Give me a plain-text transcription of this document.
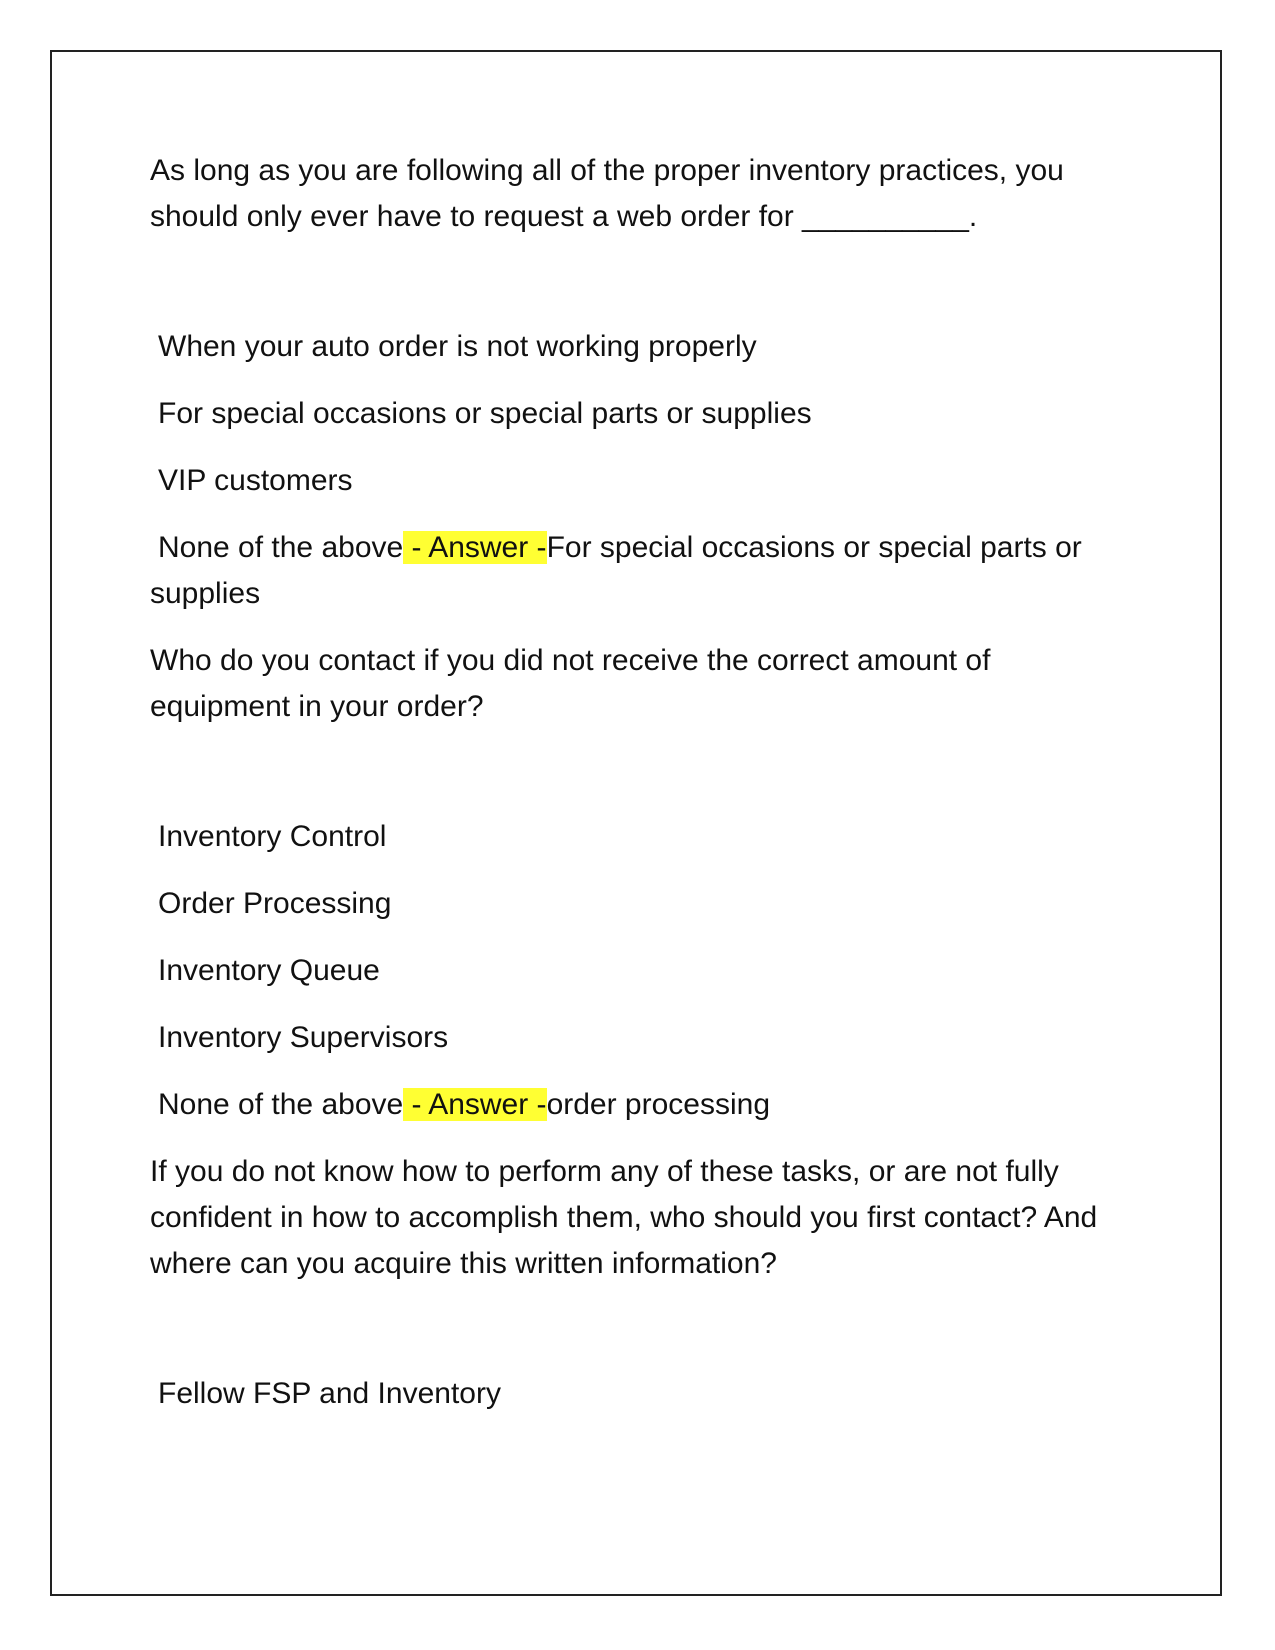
As long as you are following all of the proper inventory practices, you should only ever have to request a web order for __________.

When your auto order is not working properly

For special occasions or special parts or supplies

VIP customers

None of the above - Answer -For special occasions or special parts or supplies

Who do you contact if you did not receive the correct amount of equipment in your order?

Inventory Control

Order Processing

Inventory Queue

Inventory Supervisors

None of the above - Answer -order processing

If you do not know how to perform any of these tasks, or are not fully confident in how to accomplish them, who should you first contact? And where can you acquire this written information?

Fellow FSP and Inventory
